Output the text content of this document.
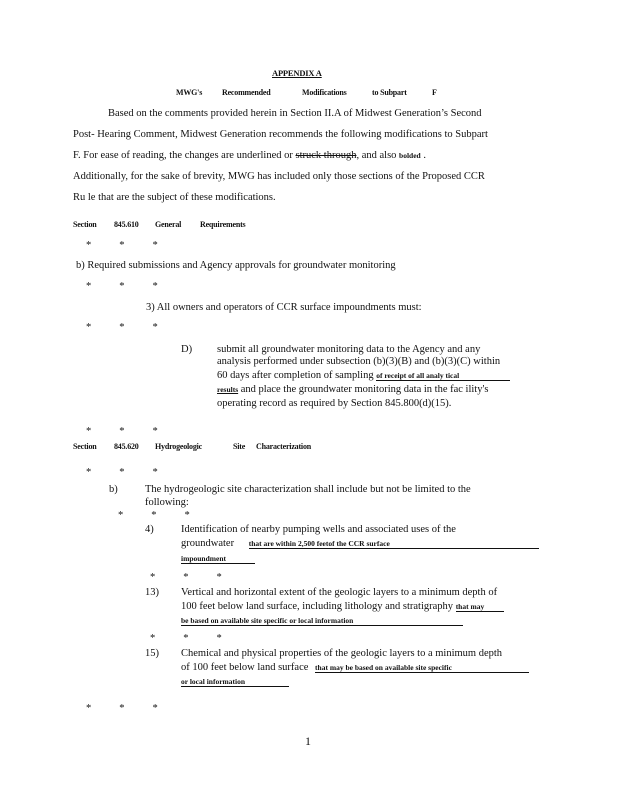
APPENDIX A
MWG's Recommended	Modifications	to Subpart	F

Based on the comments provided herein in Section II.A of Midwest Generation’s Second

Post- Hearing Comment, Midwest Generation recommends the following modifications to Subpart

F. For ease of reading, the changes are underlined or struck through, and also bolded .

Additionally, for the sake of brevity, MWG has included only those sections of the Proposed CCR

Ru le that are the subject of these modifications.

Section 845.610 General Requirements
*	*	*

b) Required submissions and Agency approvals for groundwater monitoring

*	*	*

3) All owners and operators of CCR surface impoundments must:

*	*	*
D) submit all groundwater monitoring data to the Agency and any

analysis performed under subsection (b)(3)(B) and (b)(3)(C) within

60 days after completion of sampling of receipt of all analy tical

results and place the groundwater monitoring data in the fac ility's

operating record as required by Section 845.800(d)(15).

*	*	*
Section 845.620 Hydrogeologic	Site Characterization
*	*	*
b)	The hydrogeologic site characterization shall include but not be limited to the

following:

*	*	*
4)	Identification of nearby pumping wells and associated uses of the

groundwater that are within 2,500 feetof the CCR surface

impoundment

*	*	*
13) Vertical and horizontal extent of the geologic layers to a minimum depth of

100 feet below land surface, including lithology and stratigraphy that may

be based on available site specific or local information

*	*	*
15) Chemical and physical properties of the geologic layers to a minimum depth

of 100 feet below land surface that may be based on available site specific

or local information

*	*	*
1
